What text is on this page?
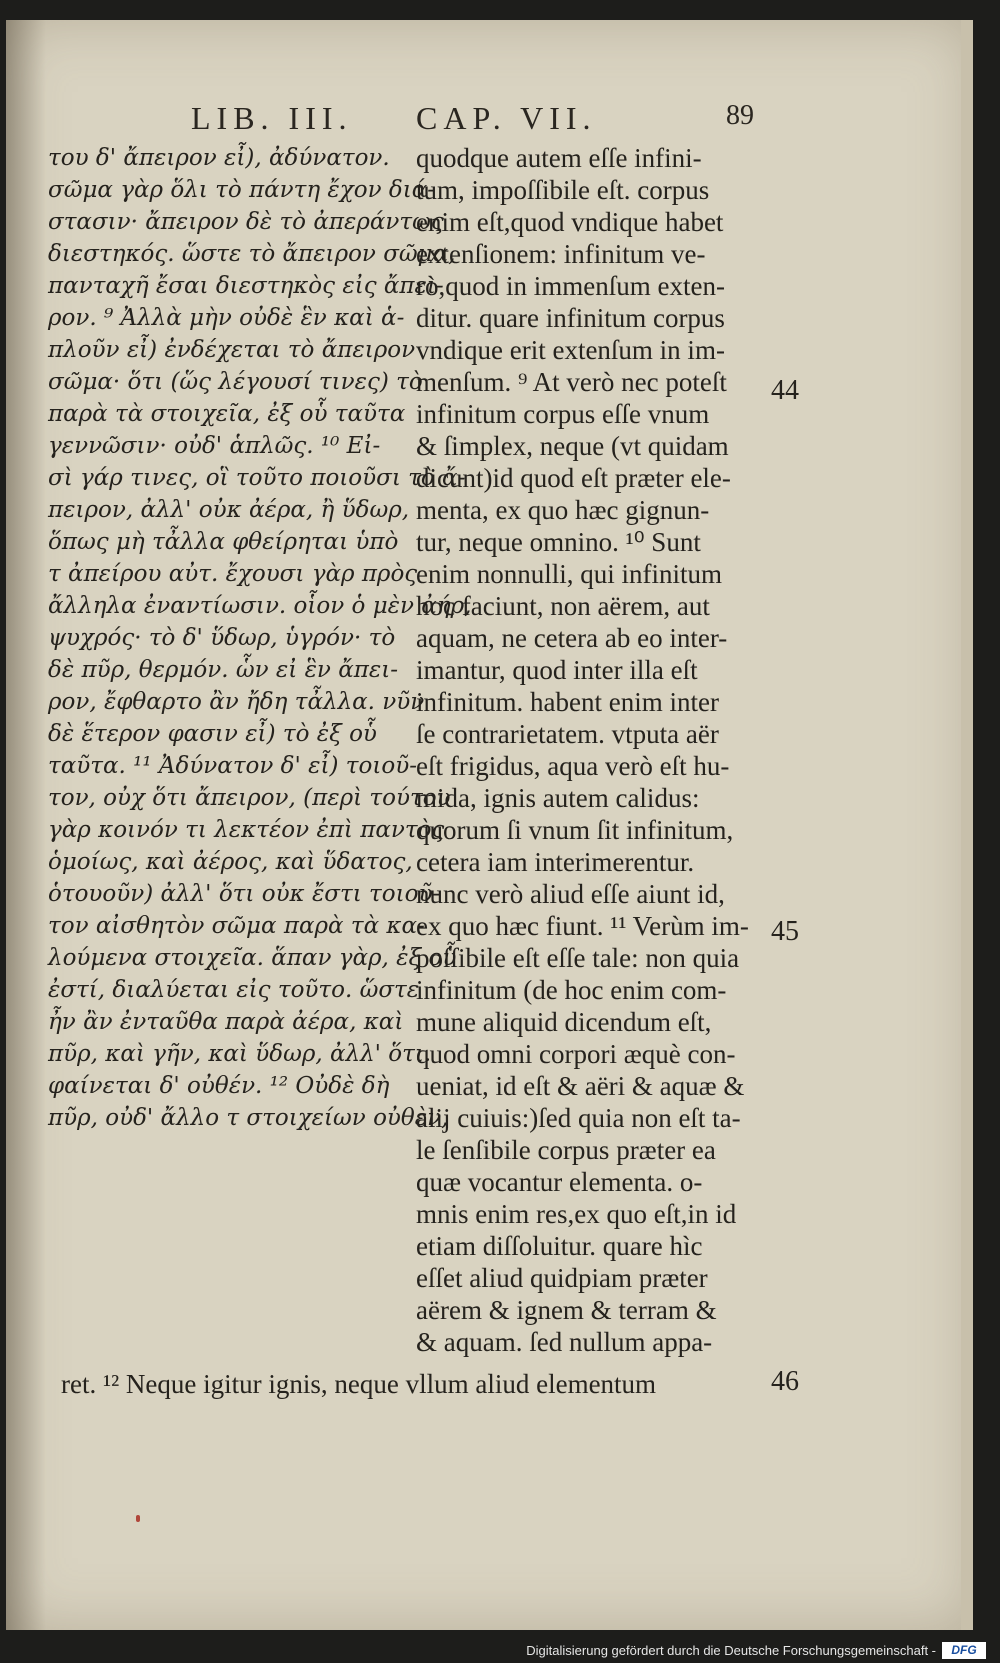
LIB. III. CAP. VII.	89
του δ' ἄπειρον εἶ), ἀδύνατον.
σῶμα γὰρ ὅλι τὸ πάντη ἔχον διά-
στασιν· ἄπειρον δὲ τὸ ἀπεράντως
διεστηκός. ὥστε τὸ ἄπειρον σῶμα,
πανταχῆ ἔσαι διεστηκὸς εἰς ἄπει-
ρον. ⁹ Ἀλλὰ μὴν οὐδὲ ἓν καὶ ἁ-
πλοῦν εἶ) ἐνδέχεται τὸ ἄπειρον
σῶμα· ὅτι (ὥς λέγουσί τινες) τὸ
παρὰ τὰ στοιχεῖα, ἐξ οὗ ταῦτα
γεννῶσιν· οὐδ' ἁπλῶς. ¹⁰ Εἰ-
σὶ γάρ τινες, οἳ τοῦτο ποιοῦσι τὸ ἄ-
πειρον, ἀλλ' οὐκ ἀέρα, ἢ ὕδωρ,
ὅπως μὴ τἆλλα φθείρηται ὑπὸ
τ ἀπείρου αὐτ. ἔχουσι γὰρ πρὸς
ἄλληλα ἐναντίωσιν. οἷον ὁ μὲν ἀήρ,
ψυχρός· τὸ δ' ὕδωρ, ὑγρόν· τὸ
δὲ πῦρ, θερμόν. ὧν εἰ ἓν ἄπει-
ρον, ἔφθαρτο ἂν ἤδη τἆλλα. νῦν
δὲ ἕτερον φασιν εἶ) τὸ ἐξ οὗ
ταῦτα. ¹¹ Ἀδύνατον δ' εἶ) τοιοῦ-
τον, οὐχ ὅτι ἄπειρον, (περὶ τούτου
γὰρ κοινόν τι λεκτέον ἐπὶ παντὸς
ὁμοίως, καὶ ἀέρος, καὶ ὕδατος,
ὁτουοῦν) ἀλλ' ὅτι οὐκ ἔστι τοιοῦ-
τον αἰσθητὸν σῶμα παρὰ τὰ κα-
λούμενα στοιχεῖα. ἅπαν γὰρ, ἐξ οὗ
ἐστί, διαλύεται εἰς τοῦτο. ὥστε
ἦν ἂν ἐνταῦθα παρὰ ἀέρα, καὶ
πῦρ, καὶ γῆν, καὶ ὕδωρ, ἀλλ' ὅτι.
φαίνεται δ' οὐθέν. ¹² Οὐδὲ δὴ
πῦρ, οὐδ' ἄλλο τ στοιχείων οὐθὲν,
quodque autem eſſe infini-
tum, impoſſibile eſt. corpus
enim eſt,quod vndique habet
extenſionem: infinitum ve-
rò,quod in immenſum exten-
ditur. quare infinitum corpus
vndique erit extenſum in im-
menſum. ⁹ At verò nec poteſt
infinitum corpus eſſe vnum
& ſimplex, neque (vt quidam
dicunt)id quod eſt præter ele-
menta, ex quo hæc gignun-
tur, neque omnino. ¹⁰ Sunt
enim nonnulli, qui infinitum
hoc faciunt, non aërem, aut
aquam, ne cetera ab eo inter-
imantur, quod inter illa eſt
infinitum. habent enim inter
ſe contrarietatem. vtputa aër
eſt frigidus, aqua verò eſt hu-
mida, ignis autem calidus:
quorum ſi vnum ſit infinitum,
cetera iam interimerentur.
nunc verò aliud eſſe aiunt id,
ex quo hæc fiunt. ¹¹ Verùm im-
poſſibile eſt eſſe tale: non quia
infinitum (de hoc enim com-
mune aliquid dicendum eſt,
quod omni corpori æquè con-
ueniat, id eſt & aëri & aquæ &
alij cuiuis:)ſed quia non eſt ta-
le ſenſibile corpus præter ea
quæ vocantur elementa. o-
mnis enim res,ex quo eſt,in id
etiam diſſoluitur. quare hìc
eſſet aliud quidpiam præter
aërem & ignem & terram &
& aquam. ſed nullum appa-
ret. ¹² Neque igitur ignis, neque vllum aliud elementum
44
45
46
Digitalisierung gefördert durch die Deutsche Forschungsgemeinschaft -	DFG
